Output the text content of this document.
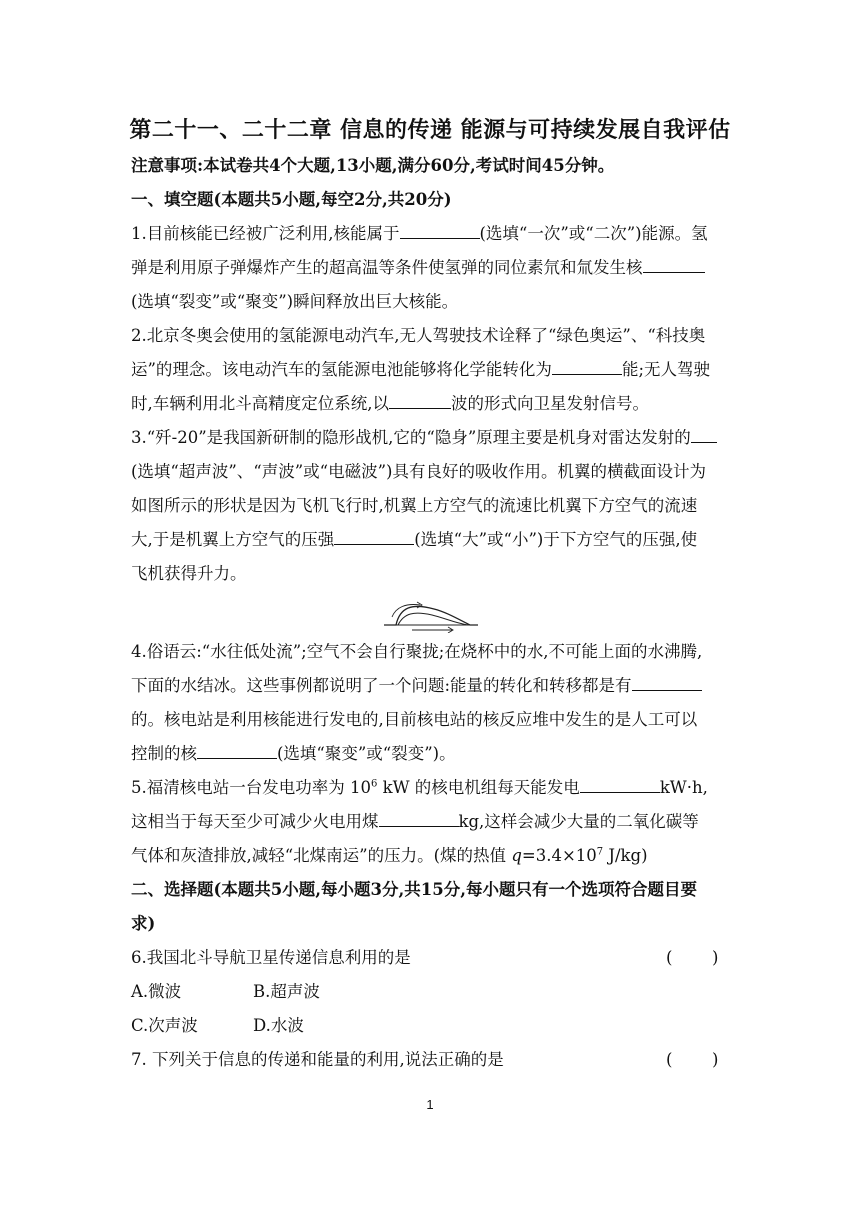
第二十一、二十二章 信息的传递 能源与可持续发展自我评估
注意事项:本试卷共4个大题,13小题,满分60分,考试时间45分钟。
一、填空题(本题共5小题,每空2分,共20分)
1.目前核能已经被广泛利用,核能属于	(选填“一次”或“二次”)能源。氢
弹是利用原子弹爆炸产生的超高温等条件使氢弹的同位素氘和氚发生核
(选填“裂变”或“聚变”)瞬间释放出巨大核能。
2.北京冬奥会使用的氢能源电动汽车,无人驾驶技术诠释了“绿色奥运”、“科技奥
运”的理念。该电动汽车的氢能源电池能够将化学能转化为	能;无人驾驶
时,车辆利用北斗高精度定位系统,以	波的形式向卫星发射信号。
3.“歼-20”是我国新研制的隐形战机,它的“隐身”原理主要是机身对雷达发射的
(选填“超声波”、“声波”或“电磁波”)具有良好的吸收作用。机翼的横截面设计为
如图所示的形状是因为飞机飞行时,机翼上方空气的流速比机翼下方空气的流速
大,于是机翼上方空气的压强	(选填“大”或“小”)于下方空气的压强,使
飞机获得升力。
4.俗语云:“水往低处流”;空气不会自行聚拢;在烧杯中的水,不可能上面的水沸腾,
下面的水结冰。这些事例都说明了一个问题:能量的转化和转移都是有
的。核电站是利用核能进行发电的,目前核电站的核反应堆中发生的是人工可以
控制的核	(选填“聚变”或“裂变”)。
5.福清核电站一台发电功率为 $10^6$ kW 的核电机组每天能发电	kW·h,
这相当于每天至少可减少火电用煤	kg,这样会减少大量的二氧化碳等
气体和灰渣排放,减轻“北煤南运”的压力。(煤的热值 $q=3.4\times 10^7$ J/kg)
二、选择题(本题共5小题,每小题3分,共15分,每小题只有一个选项符合题目要
求)
6.我国北斗导航卫星传递信息利用的是	( )
A.微波	B.超声波
C.次声波	D.水波
7. 下列关于信息的传递和能量的利用,说法正确的是	( )
1
